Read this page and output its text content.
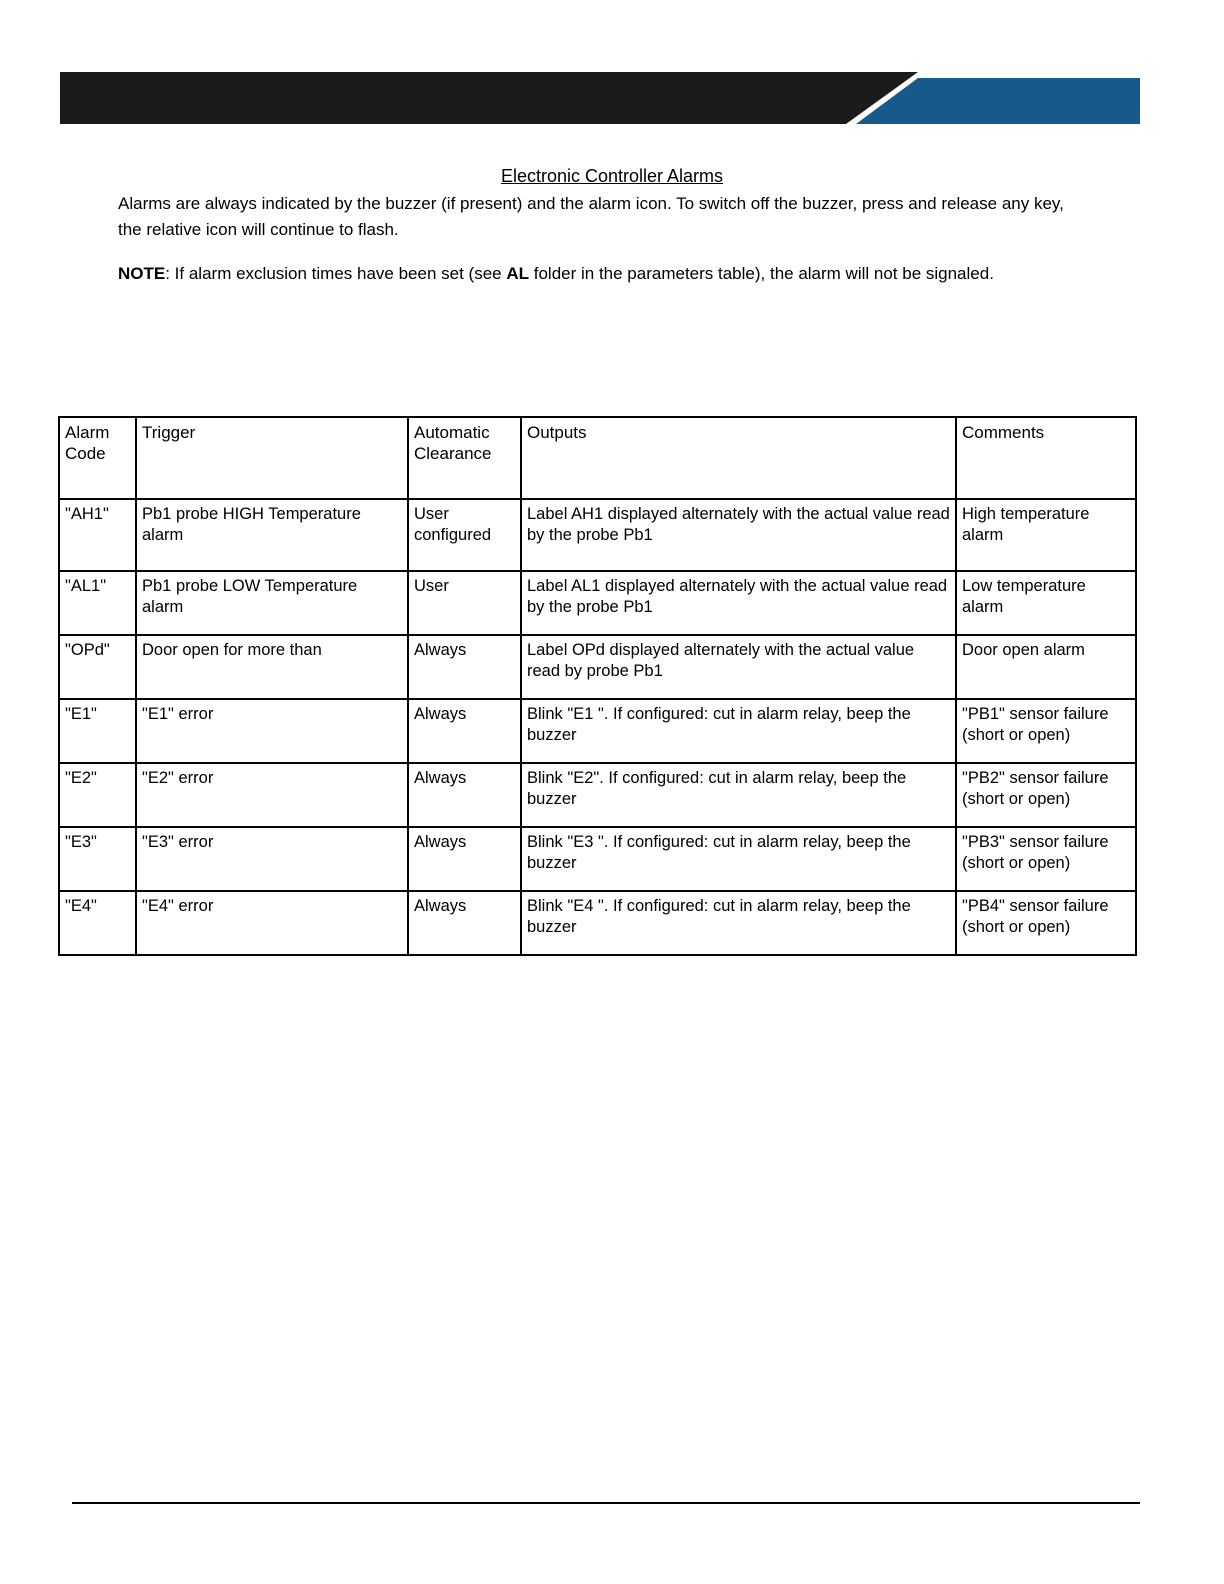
Electronic Controller Alarms

Alarms are always indicated by the buzzer (if present) and the alarm icon. To switch off the buzzer, press and release any key, the relative icon will continue to flash.

NOTE: If alarm exclusion times have been set (see AL folder in the parameters table), the alarm will not be signaled.

Alarm Code	Trigger	Automatic Clearance	Outputs	Comments
"AH1"	Pb1 probe HIGH Temperature alarm	User configured	Label AH1 displayed alternately with the actual value read by the probe Pb1	High temperature alarm
"AL1"	Pb1 probe LOW Temperature alarm	User	Label AL1 displayed alternately with the actual value read by the probe Pb1	Low temperature alarm
"OPd"	Door open for more than	Always	Label OPd displayed alternately with the actual value read by probe Pb1	Door open alarm
"E1"	"E1" error	Always	Blink "E1 ". If configured: cut in alarm relay, beep the buzzer	"PB1" sensor failure (short or open)
"E2"	"E2" error	Always	Blink "E2". If configured: cut in alarm relay, beep the buzzer	"PB2" sensor failure (short or open)
"E3"	"E3" error	Always	Blink "E3 ". If configured: cut in alarm relay, beep the buzzer	"PB3" sensor failure (short or open)
"E4"	"E4" error	Always	Blink "E4 ". If configured: cut in alarm relay, beep the buzzer	"PB4" sensor failure (short or open)
